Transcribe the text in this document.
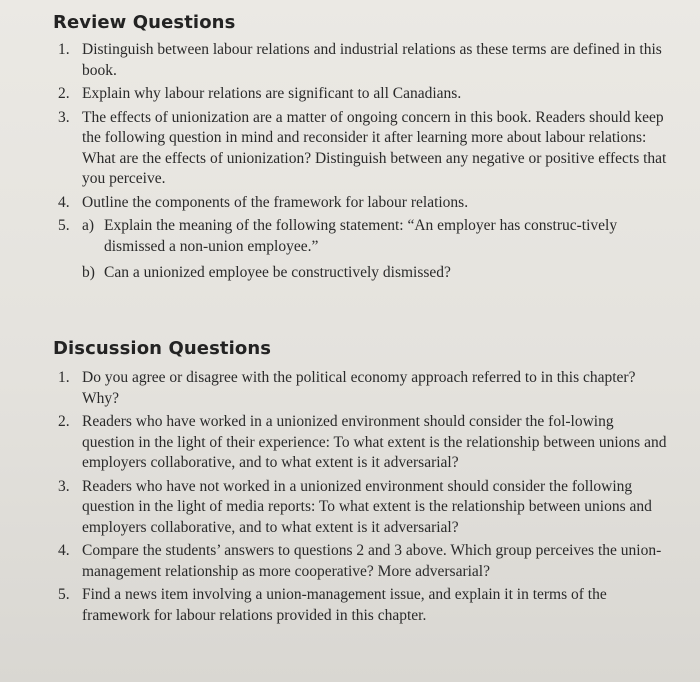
Review Questions
1. Distinguish between labour relations and industrial relations as these terms are defined in this book.
2. Explain why labour relations are significant to all Canadians.
3. The effects of unionization are a matter of ongoing concern in this book. Readers should keep the following question in mind and reconsider it after learning more about labour relations: What are the effects of unionization? Distinguish between any negative or positive effects that you perceive.
4. Outline the components of the framework for labour relations.
5. a) Explain the meaning of the following statement: “An employer has construc-tively dismissed a non-union employee.”
b) Can a unionized employee be constructively dismissed?
Discussion Questions
1. Do you agree or disagree with the political economy approach referred to in this chapter? Why?
2. Readers who have worked in a unionized environment should consider the fol-lowing question in the light of their experience: To what extent is the relationship between unions and employers collaborative, and to what extent is it adversarial?
3. Readers who have not worked in a unionized environment should consider the following question in the light of media reports: To what extent is the relationship between unions and employers collaborative, and to what extent is it adversarial?
4. Compare the students’ answers to questions 2 and 3 above. Which group perceives the union-management relationship as more cooperative? More adversarial?
5. Find a news item involving a union-management issue, and explain it in terms of the framework for labour relations provided in this chapter.
